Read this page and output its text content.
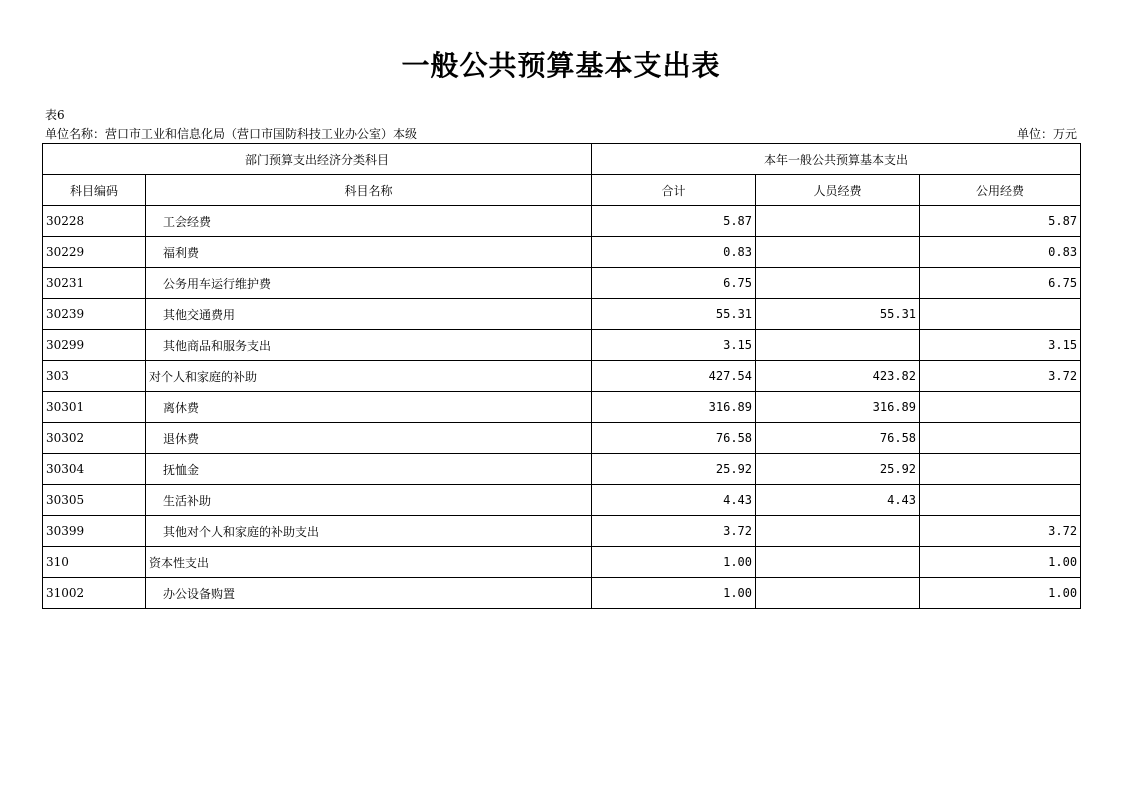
一般公共预算基本支出表
表6
单位名称：营口市工业和信息化局（营口市国防科技工业办公室）本级	单位：万元
部门预算支出经济分类科目		本年一般公共预算基本支出		
科目编码	科目名称	合计	人员经费	公用经费
30228	工会经费	5.87		5.87
30229	福利费	0.83		0.83
30231	公务用车运行维护费	6.75		6.75
30239	其他交通费用	55.31	55.31	
30299	其他商品和服务支出	3.15		3.15
303	对个人和家庭的补助	427.54	423.82	3.72
30301	离休费	316.89	316.89	
30302	退休费	76.58	76.58	
30304	抚恤金	25.92	25.92	
30305	生活补助	4.43	4.43	
30399	其他对个人和家庭的补助支出	3.72		3.72
310	资本性支出	1.00		1.00
31002	办公设备购置	1.00		1.00
